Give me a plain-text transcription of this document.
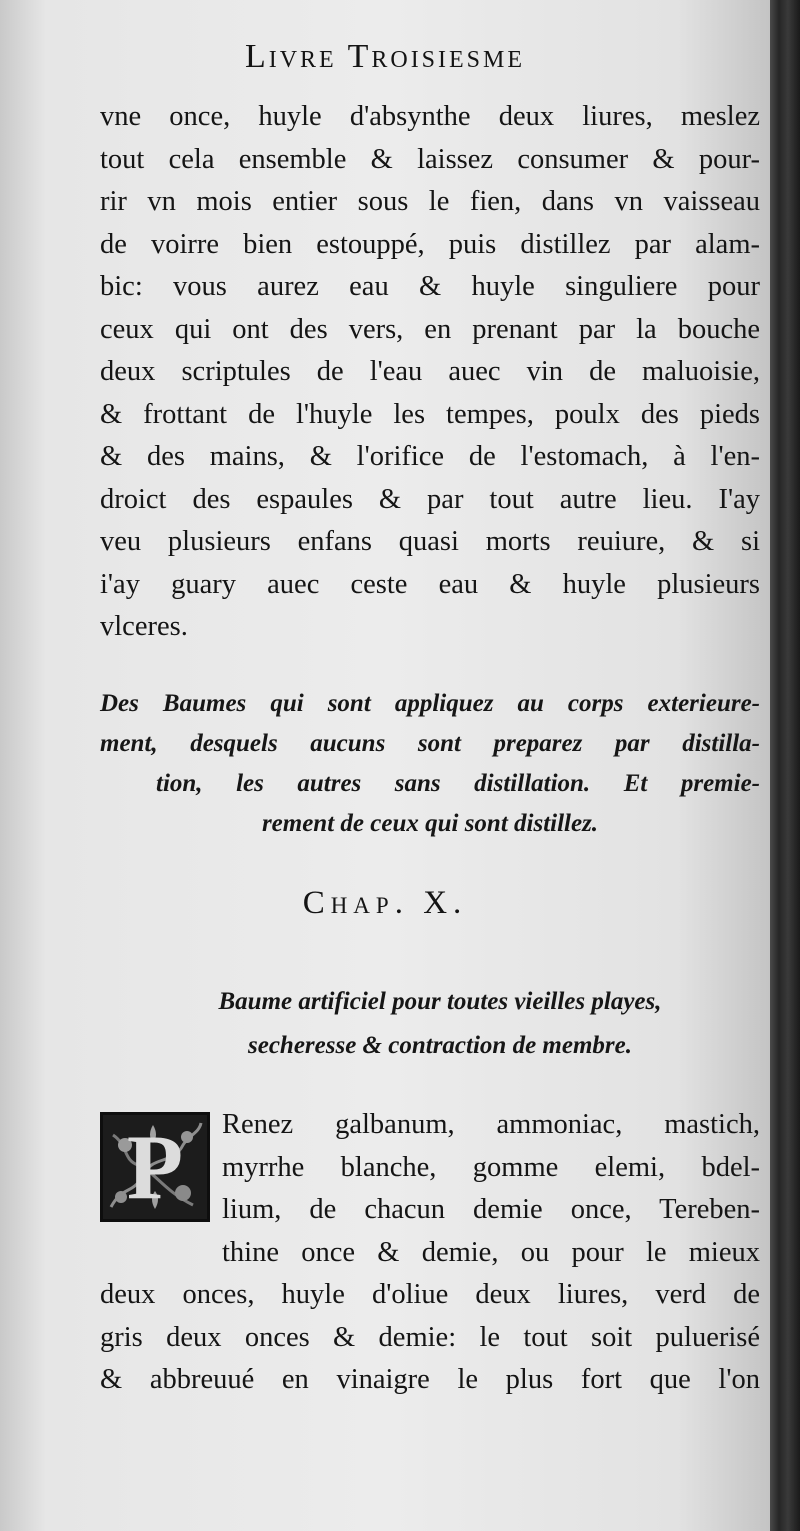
Livre Troisiesme
vne once, huyle d'absynthe deux liures, meslez
tout cela ensemble & laissez consumer & pour-
rir vn mois entier sous le fien, dans vn vaisseau
de voirre bien estouppé, puis distillez par alam-
bic: vous aurez eau & huyle singuliere pour
ceux qui ont des vers, en prenant par la bouche
deux scriptules de l'eau auec vin de maluoisie,
& frottant de l'huyle les tempes, poulx des pieds
& des mains, & l'orifice de l'estomach, à l'en-
droict des espaules & par tout autre lieu. I'ay
veu plusieurs enfans quasi morts reuiure, & si
i'ay guary auec ceste eau & huyle plusieurs
vlceres.
Des Baumes qui sont appliquez au corps exterieure-
ment, desquels aucuns sont preparez par distilla-
tion, les autres sans distillation. Et premie-
rement de ceux qui sont distillez.
Chap. X.
Baume artificiel pour toutes vieilles playes,
secheresse & contraction de membre.
P	Renez galbanum, ammoniac, mastich,
myrrhe blanche, gomme elemi, bdel-
lium, de chacun demie once, Tereben-
thine once & demie, ou pour le mieux
deux onces, huyle d'oliue deux liures, verd de
gris deux onces & demie: le tout soit puluerisé
& abbreuué en vinaigre le plus fort que l'on
